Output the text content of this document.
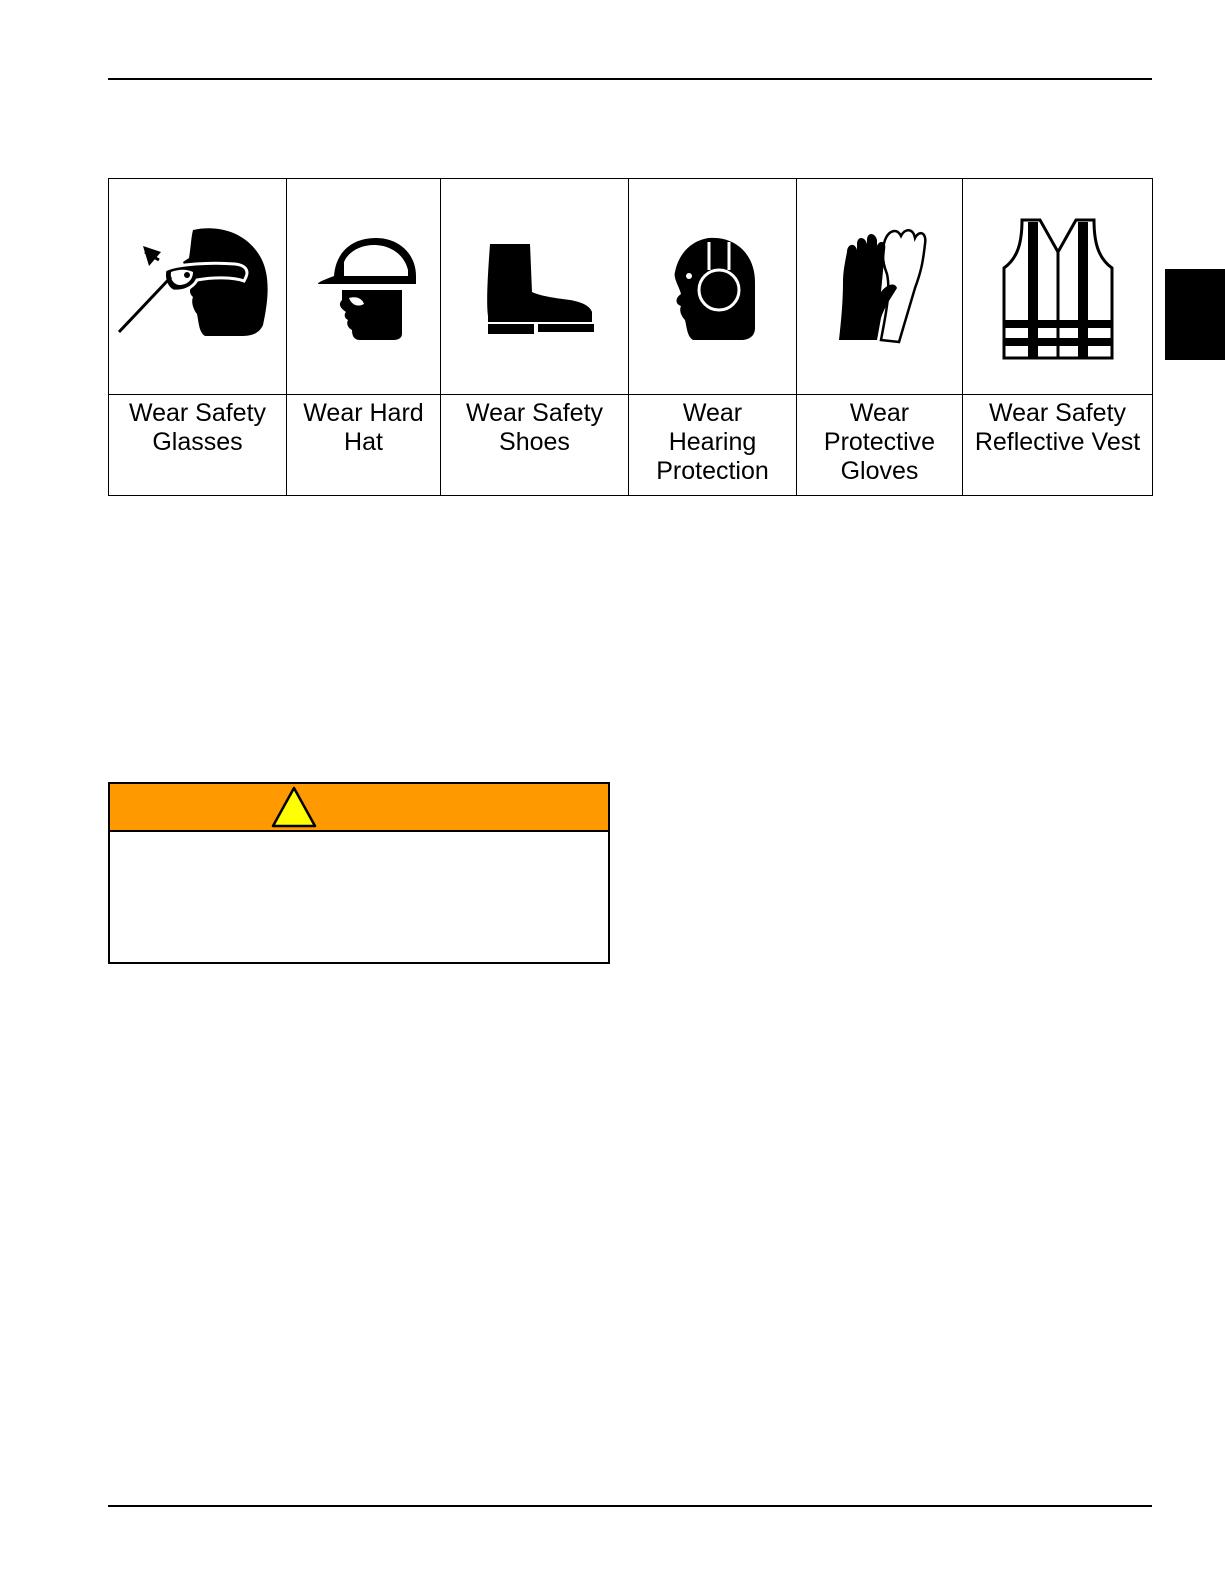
Wear Safety
Glasses	Wear Hard
Hat	Wear Safety
Shoes	Wear
Hearing
Protection	Wear
Protective
Gloves	Wear Safety
Reflective Vest
